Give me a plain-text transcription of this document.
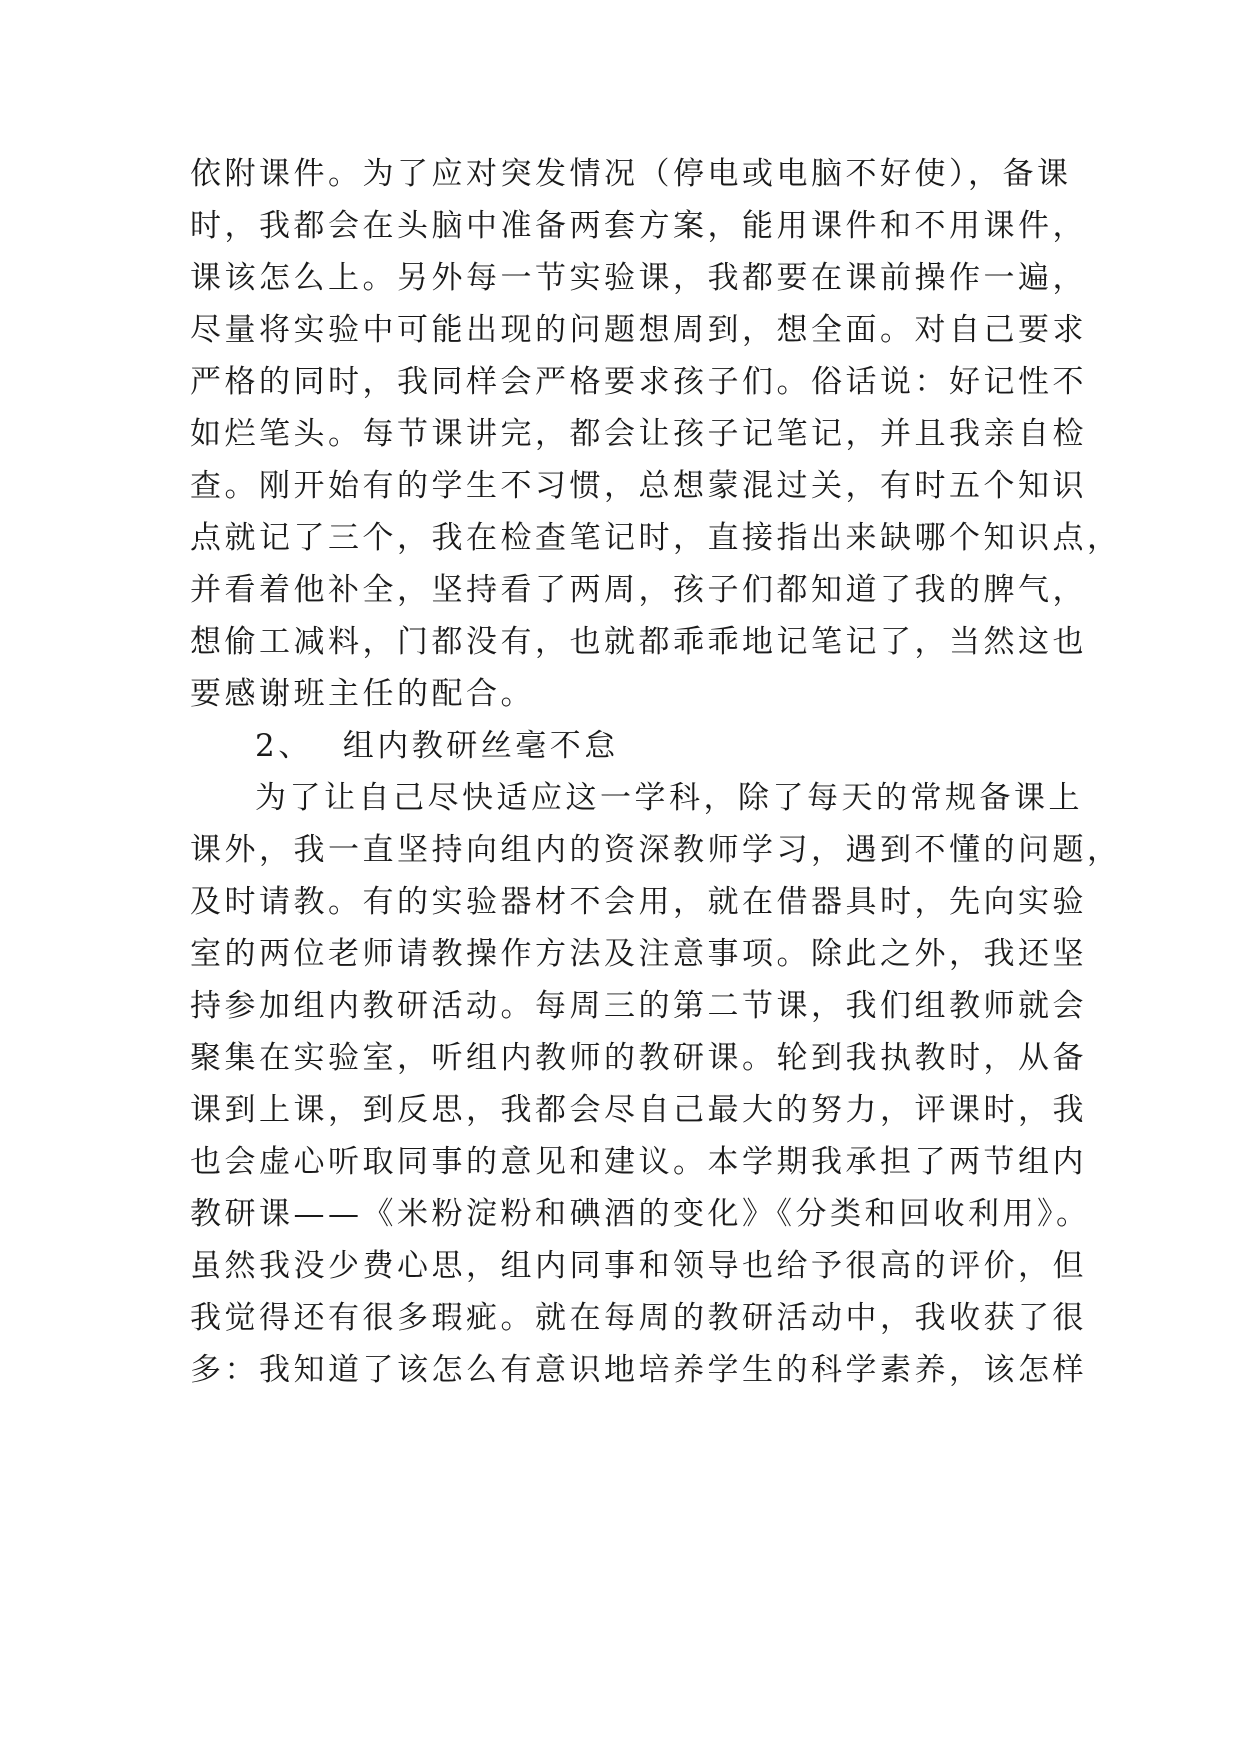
依附课件。为了应对突发情况（停电或电脑不好使），备课
时，我都会在头脑中准备两套方案，能用课件和不用课件，
课该怎么上。另外每一节实验课，我都要在课前操作一遍，
尽量将实验中可能出现的问题想周到，想全面。对自己要求
严格的同时，我同样会严格要求孩子们。俗话说：好记性不
如烂笔头。每节课讲完，都会让孩子记笔记，并且我亲自检
查。刚开始有的学生不习惯，总想蒙混过关，有时五个知识
点就记了三个，我在检查笔记时，直接指出来缺哪个知识点，
并看着他补全，坚持看了两周，孩子们都知道了我的脾气，
想偷工减料，门都没有，也就都乖乖地记笔记了，当然这也
要感谢班主任的配合。
2、 组内教研丝毫不怠
为了让自己尽快适应这一学科，除了每天的常规备课上
课外，我一直坚持向组内的资深教师学习，遇到不懂的问题，
及时请教。有的实验器材不会用，就在借器具时，先向实验
室的两位老师请教操作方法及注意事项。除此之外，我还坚
持参加组内教研活动。每周三的第二节课，我们组教师就会
聚集在实验室，听组内教师的教研课。轮到我执教时，从备
课到上课，到反思，我都会尽自己最大的努力，评课时，我
也会虚心听取同事的意见和建议。本学期我承担了两节组内
教研课——《米粉淀粉和碘酒的变化》《分类和回收利用》。
虽然我没少费心思，组内同事和领导也给予很高的评价，但
我觉得还有很多瑕疵。就在每周的教研活动中，我收获了很
多：我知道了该怎么有意识地培养学生的科学素养，该怎样
